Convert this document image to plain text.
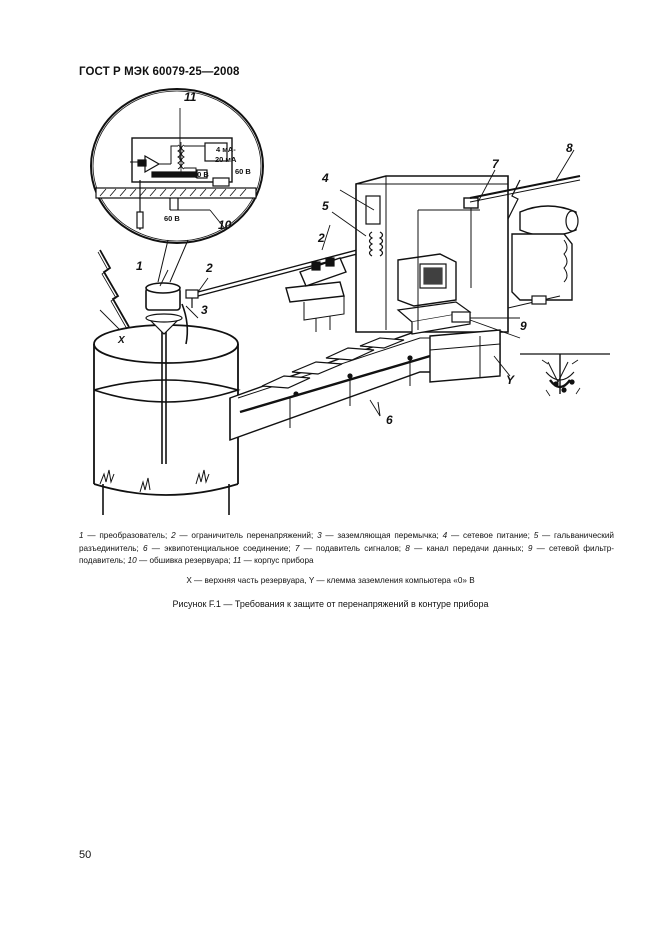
ГОСТ Р МЭК 60079-25—2008
4 мА-
20 мА
60 В
60 В
60 В
1	2
3
2
4
5
6
7
8
9
10
11
X
Y
1 — преобразователь; 2 — ограничитель перенапряжений; 3 — заземляющая перемычка; 4 — сетевое питание; 5 — гальванический разъединитель; 6 — эквипотенциальное соединение; 7 — подавитель сигналов; 8 — канал передачи данных; 9 — сетевой фильтр-подавитель; 10 — обшивка резервуара; 11 — корпус прибора
X — верхняя часть резервуара, Y — клемма заземления компьютера «0» В
Рисунок F.1 — Требования к защите от перенапряжений в контуре прибора
50
